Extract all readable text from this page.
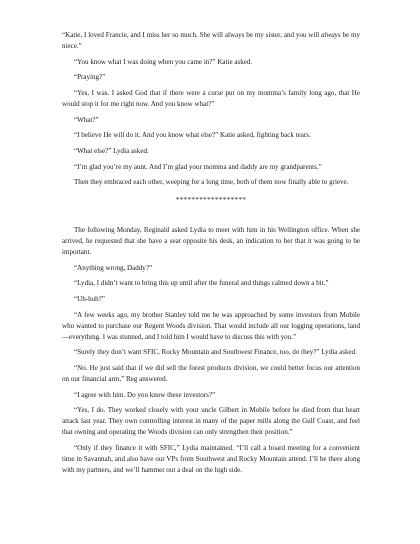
“Katie, I loved Francie, and I miss her so much. She will always be my sister, and you will always be my niece.”

“You know what I was doing when you came in?” Katie asked.

“Praying?”

“Yes, I was. I asked God that if there were a curse put on my momma’s family long ago, that He would stop it for me right now. And you know what?”

“What?”

“I believe He will do it. And you know what else?” Katie asked, fighting back tears.

“What else?” Lydia asked.

“I’m glad you’re my aunt. And I’m glad your momma and daddy are my grandparents.”

Then they embraced each other, weeping for a long time, both of them now finally able to grieve.

******************

The following Monday, Reginald asked Lydia to meet with him in his Wellington office. When she arrived, he requested that she have a seat opposite his desk, an indication to her that it was going to be important.

“Anything wrong, Daddy?”

“Lydia, I didn’t want to bring this up until after the funeral and things calmed down a bit.”

“Uh-huh?”

“A few weeks ago, my brother Stanley told me he was approached by some investors from Mobile who wanted to purchase our Regent Woods division. That would include all our logging operations, land—everything. I was stunned, and I told him I would have to discuss this with you.”

“Surely they don’t want SFIC, Rocky Mountain and Southwest Finance, too, do they?” Lydia asked.

“No. He just said that if we did sell the forest products division, we could better focus our attention on our financial arm,” Reg answered.

“I agree with him. Do you know these investors?”

“Yes, I do. They worked closely with your uncle Gilbert in Mobile before he died from that heart attack last year. They own controlling interest in many of the paper mills along the Gulf Coast, and feel that owning and operating the Woods division can only strengthen their position.”

“Only if they finance it with SFIC,” Lydia maintained. “I’ll call a board meeting for a convenient time in Savannah, and also have our VPs from Southwest and Rocky Mountain attend. I’ll be there along with my partners, and we’ll hammer out a deal on the high side.
